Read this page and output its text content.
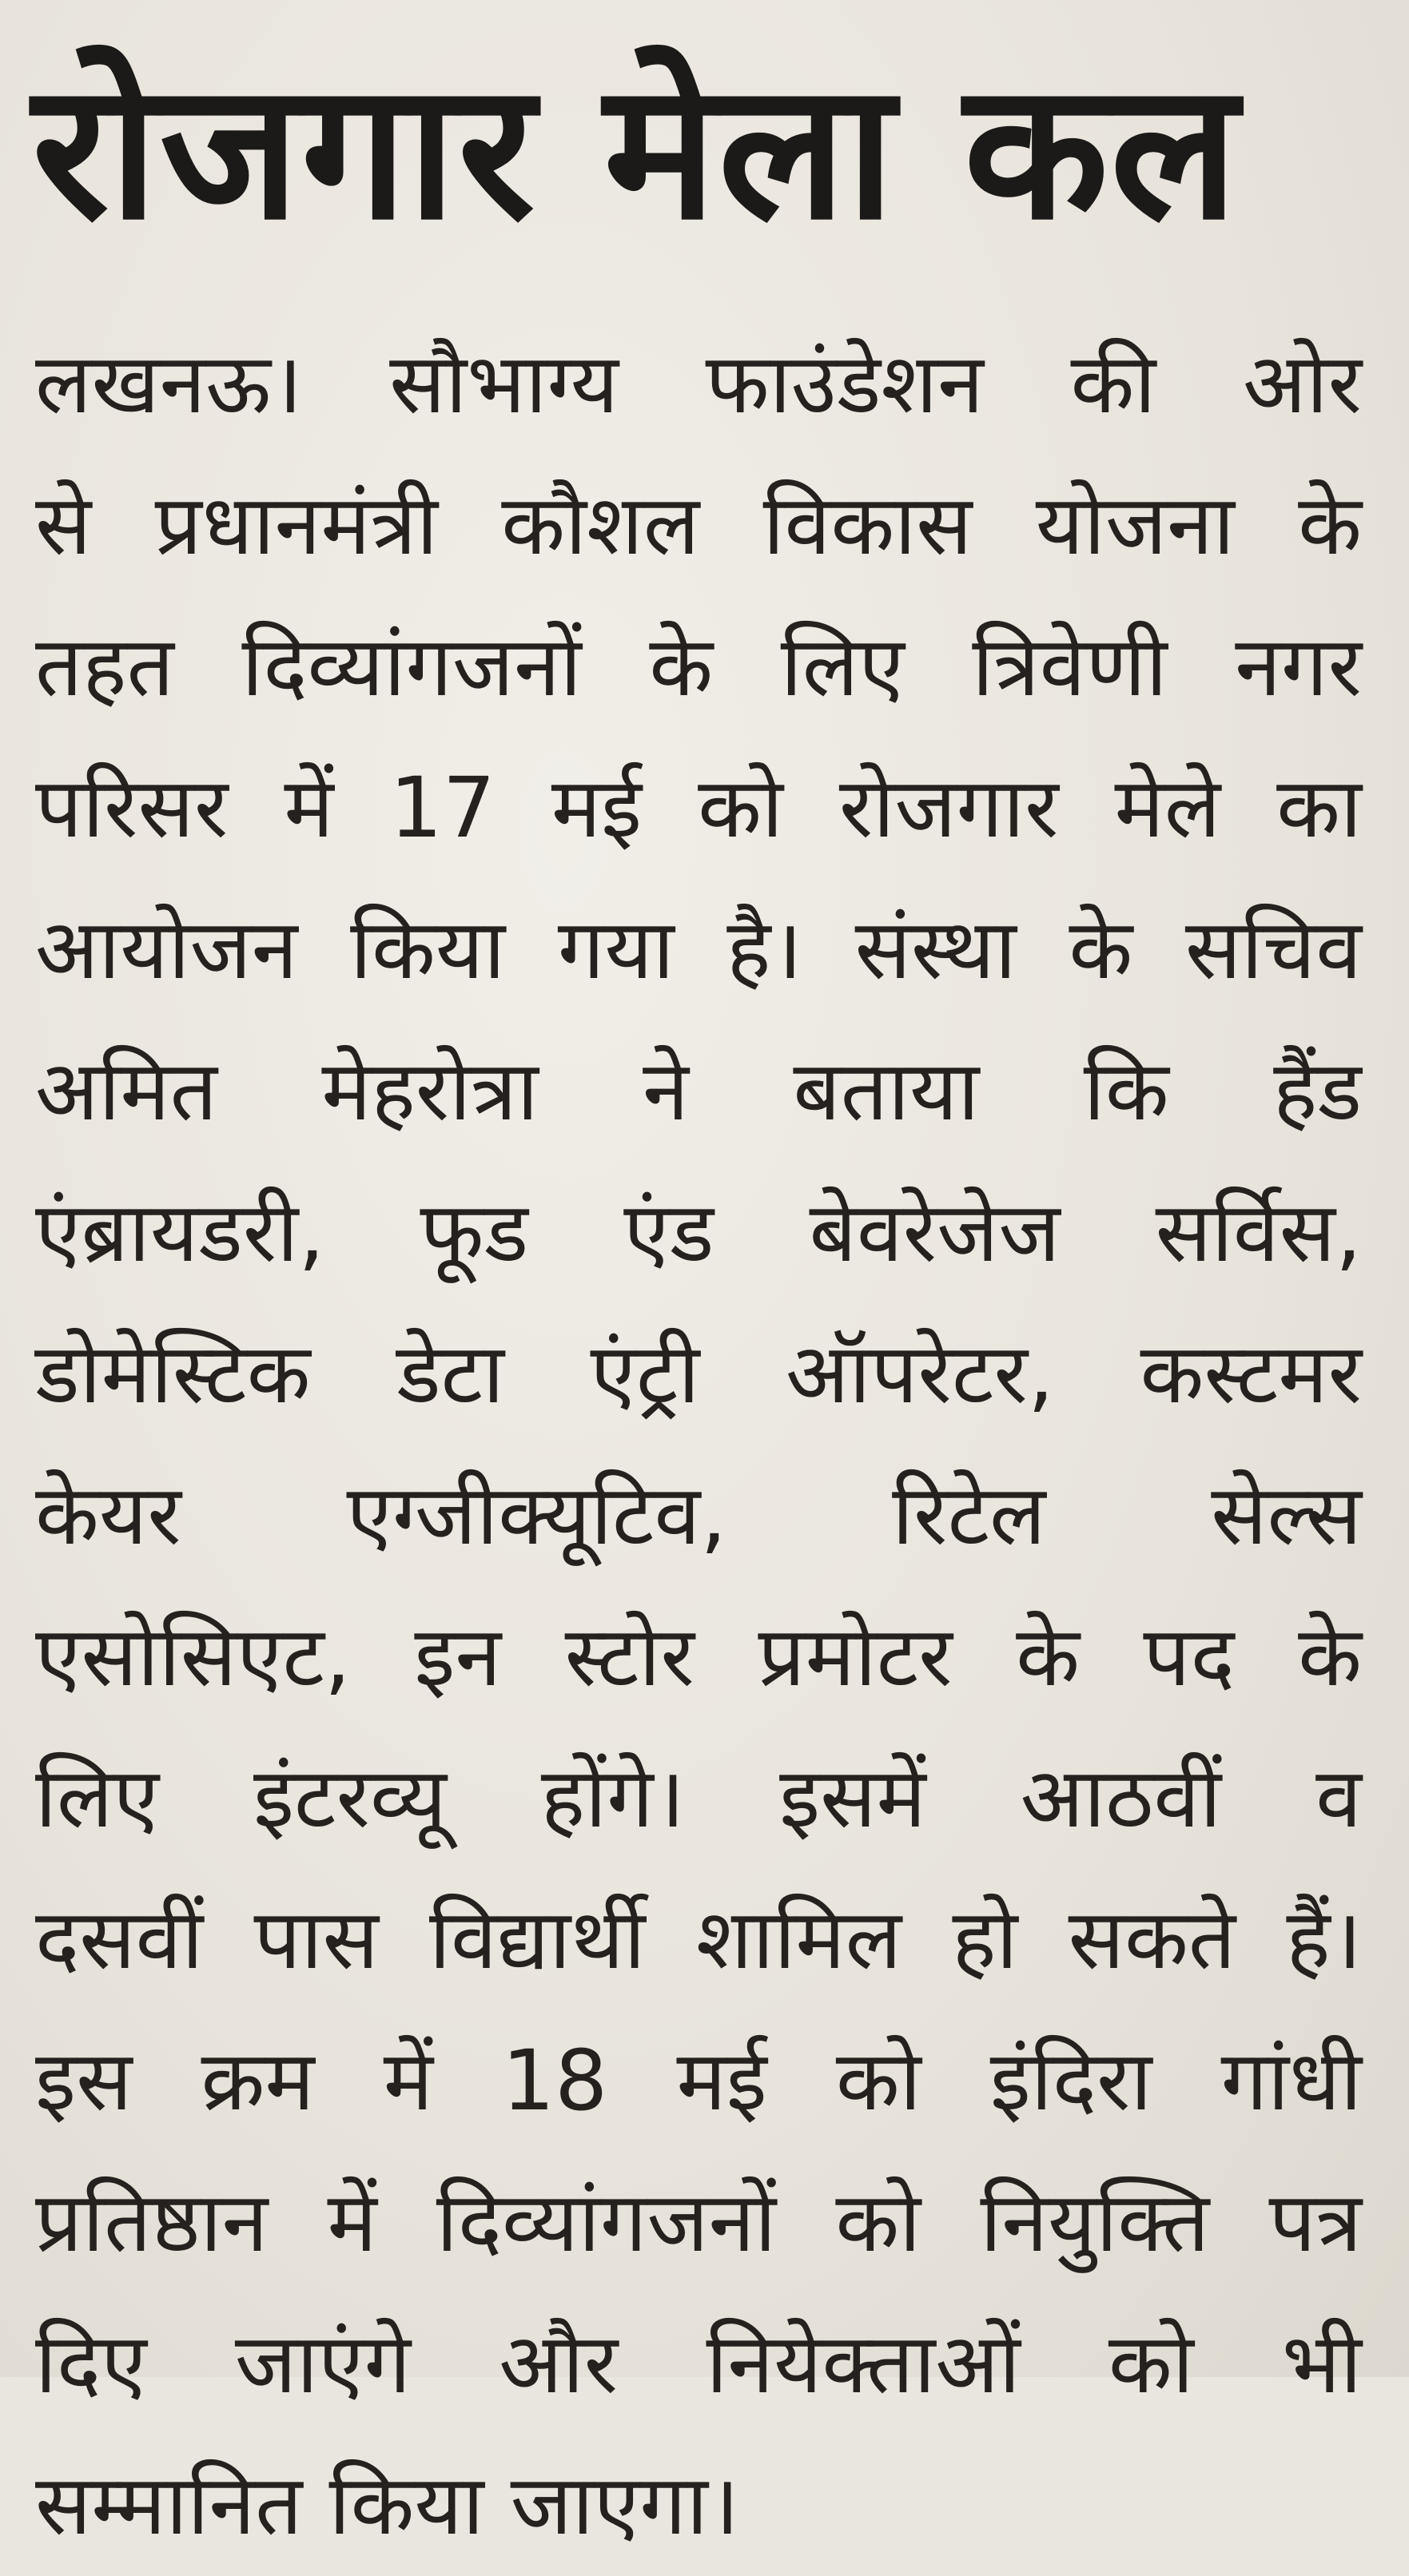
रोजगार मेला कल
लखनऊ। सौभाग्य फाउंडेशन की ओर
से प्रधानमंत्री कौशल विकास योजना के
तहत दिव्यांगजनों के लिए त्रिवेणी नगर
परिसर में 17 मई को रोजगार मेले का
आयोजन किया गया है। संस्था के सचिव
अमित मेहरोत्रा ने बताया कि हैंड
एंब्रायडरी, फूड एंड बेवरेजेज सर्विस,
डोमेस्टिक डेटा एंट्री ऑपरेटर, कस्टमर
केयर एग्जीक्यूटिव, रिटेल सेल्स
एसोसिएट, इन स्टोर प्रमोटर के पद के
लिए इंटरव्यू होंगे। इसमें आठवीं व
दसवीं पास विद्यार्थी शामिल हो सकते हैं।
इस क्रम में 18 मई को इंदिरा गांधी
प्रतिष्ठान में दिव्यांगजनों को नियुक्ति पत्र
दिए जाएंगे और नियेक्ताओं को भी
सम्मानित किया जाएगा।
